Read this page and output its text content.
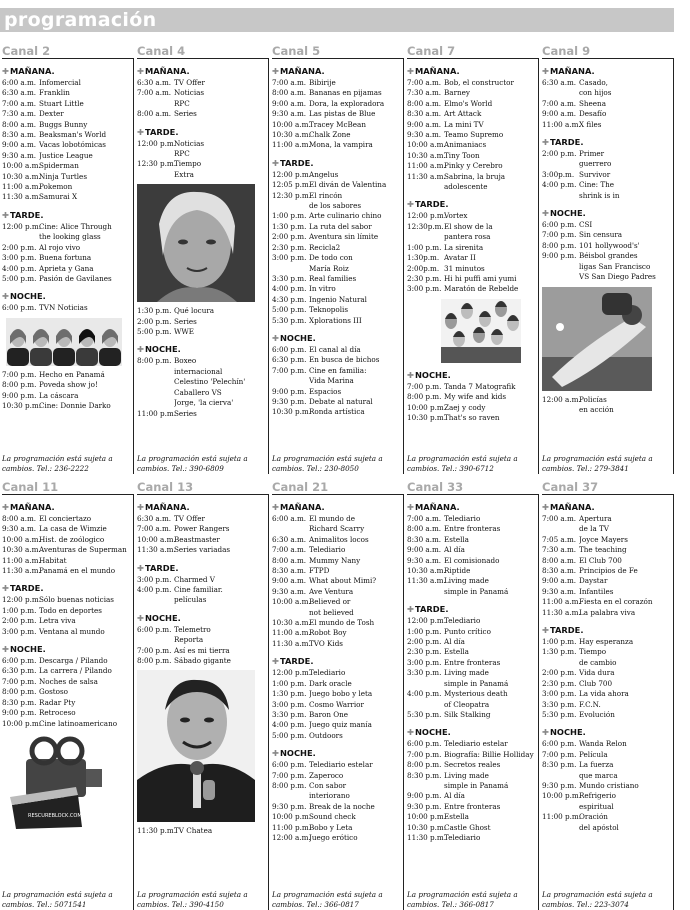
programación
Canal 2
✚MAÑANA.
6:00 a.m. Infomercial
6:30 a.m. Franklin
7:00 a.m. Stuart Little
7:30 a.m. Dexter
8:00 a.m. Buggs Bunny
8:30 a.m. Beaksman's World
9:00 a.m. Vacas lobotómicas
9:30 a.m. Justice League
10:00 a.m.
Spiderman
10:30 a.m.
Ninja Turtles
11:00 a.m.
Pokemon
11:30 a.m.
Samurai X
✚TARDE.
12:00 p.m.
Cine: Alice Through
the looking glass
2:00 p.m. Al rojo vivo
3:00 p.m. Buena fortuna
4:00 p.m. Aprieta y Gana
5:00 p.m. Pasión de Gavilanes
✚NOCHE.
6:00 p.m. TVN Noticias
7:00 p.m. Hecho en Panamá
8:00 p.m. Poveda show jo!
9:00 p.m. La cáscara
10:30 p.m.
Cine: Donnie Darko
La programación está sujeta a
cambios. Tel.: 236-2222
Canal 4
✚MAÑANA.
6:30 a.m. TV Offer
7:00 a.m. Noticias
RPC
8:00 a.m. Series
✚TARDE.
12:00 p.m.
Noticias
RPC
12:30 p.m.
Tiempo
Extra
1:30 p.m. Qué locura
2:00 p.m. Series
5:00 p.m. WWE
✚NOCHE.
8:00 p.m. Boxeo
internacional
Celestino 'Pelechín'
Caballero VS
Jorge, 'la cierva'
11:00 p.m.
Series
La programación está sujeta a
cambios. Tel.: 390-6809
Canal 5
✚MAÑANA.
7:00 a.m. Bibirije
8:00 a.m. Bananas en pijamas
9:00 a.m. Dora, la exploradora
9:30 a.m. Las pistas de Blue
10:00 a.m.
Tracey McBean
10:30 a.m.
Chalk Zone
11:00 a.m.
Mona, la vampira
✚TARDE.
12:00 p.m.
Angelus
12:05 p.m.
El diván de Valentina
12:30 p.m.
El rincón
de los sabores
1:00 p.m. Arte culinario chino
1:30 p.m. La ruta del sabor
2:00 p.m. Aventura sin límite
2:30 p.m. Recicla2
3:00 p.m. De todo con
María Roiz
3:30 p.m. Real families
4:00 p.m. In vitro
4:30 p.m. Ingenio Natural
5:00 p.m. Teknopolis
5:30 p.m. Xplorations III
✚NOCHE.
6:00 p.m. El canal al día
6:30 p.m. En busca de bichos
7:00 p.m. Cine en familia:
Vida Marina
9:00 p.m. Espacios
9:30 p.m. Debate al natural
10:30 p.m.
Ronda artística
La programación está sujeta a
cambios. Tel.: 230-8050
Canal 7
✚MAÑANA.
7:00 a.m. Bob, el constructor
7:30 a.m. Barney
8:00 a.m. Elmo's World
8:30 a.m. Art Attack
9:00 a.m. La mini TV
9:30 a.m. Teamo Supremo
10:00 a.m.
Animaniacs
10:30 a.m.
Tiny Toon
11:00 a.m.
Pinky y Cerebro
11:30 a.m.
Sabrina, la bruja
adolescente
✚TARDE.
12:00 p.m.
Vortex
12:30p.m. El show de la
pantera rosa
1:00 p.m. La sirenita
1:30p.m. Avatar II
2:00p.m. 31 minutos
2:30 p.m. Hi hi puffi ami yumi
3:00 p.m. Maratón de Rebelde
✚NOCHE.
7:00 p.m. Tanda 7 Matografik
8:00 p.m. My wife and kids
10:00 p.m.
Zaej y cody
10:30 p.m.
That's so raven
La programación está sujeta a
cambios. Tel.: 390-6712
Canal 9
✚MAÑANA.
6:30 a.m. Casado,
con hijos
7:00 a.m. Sheena
9:00 a.m. Desafío
11:00 a.m.
X files
✚TARDE.
2:00 p.m. Primer
guerrero
3:00p.m. Survivor
4:00 p.m. Cine: The
shrink is in
✚NOCHE.
6:00 p.m. CSI
7:00 p.m. Sin censura
8:00 p.m. 101 hollywood's'
9:00 p.m. Béisbol grandes
ligas San Francisco
VS San Diego Padres
12:00 a.m.
Policías
en acción
La programación está sujeta a
cambios. Tel.: 279-3841
Canal 11
✚MAÑANA.
8:00 a.m. El conciertazo
9:30 a.m. La casa de Wimzie
10:00 a.m.
Hist. de zoólogico
10:30 a.m.
Aventuras de Superman
11:00 a.m.
Habitat
11:30 a.m.
Panamá en el mundo
✚TARDE.
12:00 p.m.
Sólo buenas noticias
1:00 p.m. Todo en deportes
2:00 p.m. Letra viva
3:00 p.m. Ventana al mundo
✚NOCHE.
6:00 p.m. Descarga / Pilando
6:30 p.m. La carrera / Pilando
7:00 p.m. Noches de salsa
8:00 p.m. Gostoso
8:30 p.m. Radar Pty
9:00 p.m. Retroceso
10:00 p.m.
Cine latinoamericano
RESCUREBLOCK.COM
La programación está sujeta a
cambios. Tel.: 5071541
Canal 13
✚MAÑANA.
6:30 a.m. TV Offer
7:00 a.m. Power Rangers
10:00 a.m.
Beastmaster
11:30 a.m.
Series variadas
✚TARDE.
3:00 p.m. Charmed V
4:00 p.m. Cine familiar.
películas
✚NOCHE.
6:00 p.m. Telemetro
Reporta
7:00 p.m. Así es mi tierra
8:00 p.m. Sábado gigante
11:30 p.m.
TV Chatea
La programación está sujeta a
cambios. Tel.: 390-4150
Canal 21
✚MAÑANA.
6:00 a.m. El mundo de
Richard Scarry
6:30 a.m. Animalitos locos
7:00 a.m. Telediario
8:00 a.m. Mummy Nany
8:30 a.m. FTPD
9:00 a.m. What about Mimi?
9:30 a.m. Ave Ventura
10:00 a.m.
Believed or
not believed
10:30 a.m.
El mundo de Tosh
11:00 a.m.
Robot Boy
11:30 a.m.
TVO Kids
✚TARDE.
12:00 p.m.
Telediario
1:00 p.m. Dark oracle
1:30 p.m. Juego bobo y leta
3:00 p.m. Cosmo Warrior
3:30 p.m. Baron One
4:00 p.m. Juego quiz manía
5:00 p.m. Outdoors
✚NOCHE.
6:00 p.m. Telediario estelar
7:00 p.m. Zaperoco
8:00 p.m. Con sabor
interiorano
9:30 p.m. Break de la noche
10:00 p.m.
Sound check
11:00 p.m.
Bobo y Leta
12:00 a.m.
Juego erótico
La programación está sujeta a
cambios. Tel.: 366-0817
Canal 33
✚MAÑANA.
7:00 a.m. Telediario
8:00 a.m. Entre fronteras
8:30 a.m. Estella
9:00 a.m. Al día
9:30 a.m. El comisionado
10:30 a.m.
Riptide
11:30 a.m.
Living made
simple in Panamá
✚TARDE.
12:00 p.m.
Telediario
1:00 p.m. Punto crítico
2:00 p.m. Al día
2:30 p.m. Estella
3:00 p.m. Entre fronteras
3:30 p.m. Living made
simple in Panamá
4:00 p.m. Mysterious death
of Cleopatra
5:30 p.m. Silk Stalking
✚NOCHE.
6:00 p.m. Telediario estelar
7:00 p.m. Biografía: Billie Holliday
8:00 p.m. Secretos reales
8:30 p.m. Living made
simple in Panamá
9:00 p.m. Al día
9:30 p.m. Entre fronteras
10:00 p.m.
Estella
10:30 p.m.
Castle Ghost
11:30 p.m.
Telediario
La programación está sujeta a
cambios. Tel.: 366-0817
Canal 37
✚MAÑANA.
7:00 a.m. Apertura
de la TV
7:05 a.m. Joyce Mayers
7:30 a.m. The teaching
8:00 a.m. El Club 700
8:30 a.m. Principios de Fe
9:00 a.m. Daystar
9:30 a.m. Infantiles
11:00 a.m.
Fiesta en el corazón
11:30 a.m.
La palabra viva
✚TARDE.
1:00 p.m. Hay esperanza
1:30 p.m. Tiempo
de cambio
2:00 p.m. Vida dura
2:30 p.m. Club 700
3:00 p.m. La vida ahora
3:30 p.m. F.C.N.
5:30 p.m. Evolución
✚NOCHE.
6:00 p.m. Wanda Relon
7:00 p.m. Película
8:30 p.m. La fuerza
que marca
9:30 p.m. Mundo cristiano
10:00 p.m.
Refrigerio
espiritual
11:00 p.m.
Oración
del apóstol
La programación está sujeta a
cambios. Tel.: 223-3074
